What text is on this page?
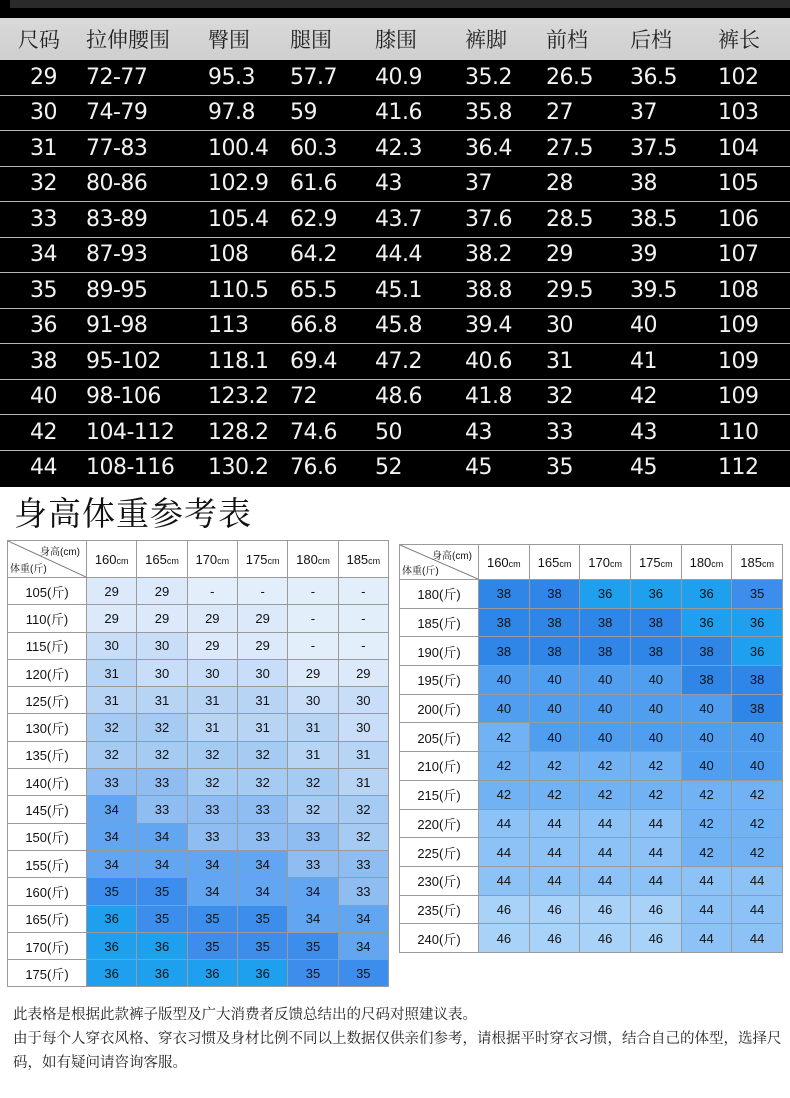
尺码	拉伸腰围	臀围	腿围	膝围	裤脚	前档	后档	裤长
29	72-77	95.3	57.7	40.9	35.2	26.5	36.5	102
30	74-79	97.8	59	41.6	35.8	27	37	103
31	77-83	100.4	60.3	42.3	36.4	27.5	37.5	104
32	80-86	102.9	61.6	43	37	28	38	105
33	83-89	105.4	62.9	43.7	37.6	28.5	38.5	106
34	87-93	108	64.2	44.4	38.2	29	39	107
35	89-95	110.5	65.5	45.1	38.8	29.5	39.5	108
36	91-98	113	66.8	45.8	39.4	30	40	109
38	95-102	118.1	69.4	47.2	40.6	31	41	109
40	98-106	123.2	72	48.6	41.8	32	42	109
42	104-112	128.2	74.6	50	43	33	43	110
44	108-116	130.2	76.6	52	45	35	45	112
身高体重参考表
身高(cm)
体重(斤)	160cm	165cm	170cm	175cm	180cm	185cm
105(斤)	29	29	-	-	-	-
110(斤)	29	29	29	29	-	-
115(斤)	30	30	29	29	-	-
120(斤)	31	30	30	30	29	29
125(斤)	31	31	31	31	30	30
130(斤)	32	32	31	31	31	30
135(斤)	32	32	32	32	31	31
140(斤)	33	33	32	32	32	31
145(斤)	34	33	33	33	32	32
150(斤)	34	34	33	33	33	32
155(斤)	34	34	34	34	33	33
160(斤)	35	35	34	34	34	33
165(斤)	36	35	35	35	34	34
170(斤)	36	36	35	35	35	34
175(斤)	36	36	36	36	35	35
身高(cm)
体重(斤)	160cm	165cm	170cm	175cm	180cm	185cm
180(斤)	38	38	36	36	36	35
185(斤)	38	38	38	38	36	36
190(斤)	38	38	38	38	38	36
195(斤)	40	40	40	40	38	38
200(斤)	40	40	40	40	40	38
205(斤)	42	40	40	40	40	40
210(斤)	42	42	42	42	40	40
215(斤)	42	42	42	42	42	42
220(斤)	44	44	44	44	42	42
225(斤)	44	44	44	44	42	42
230(斤)	44	44	44	44	44	44
235(斤)	46	46	46	46	44	44
240(斤)	46	46	46	46	44	44

此表格是根据此款裤子版型及广大消费者反馈总结出的尺码对照建议表。

由于每个人穿衣风格、穿衣习惯及身材比例不同以上数据仅供亲们参考，请根据平时穿衣习惯，结合自己的体型，选择尺码，如有疑问请咨询客服。
